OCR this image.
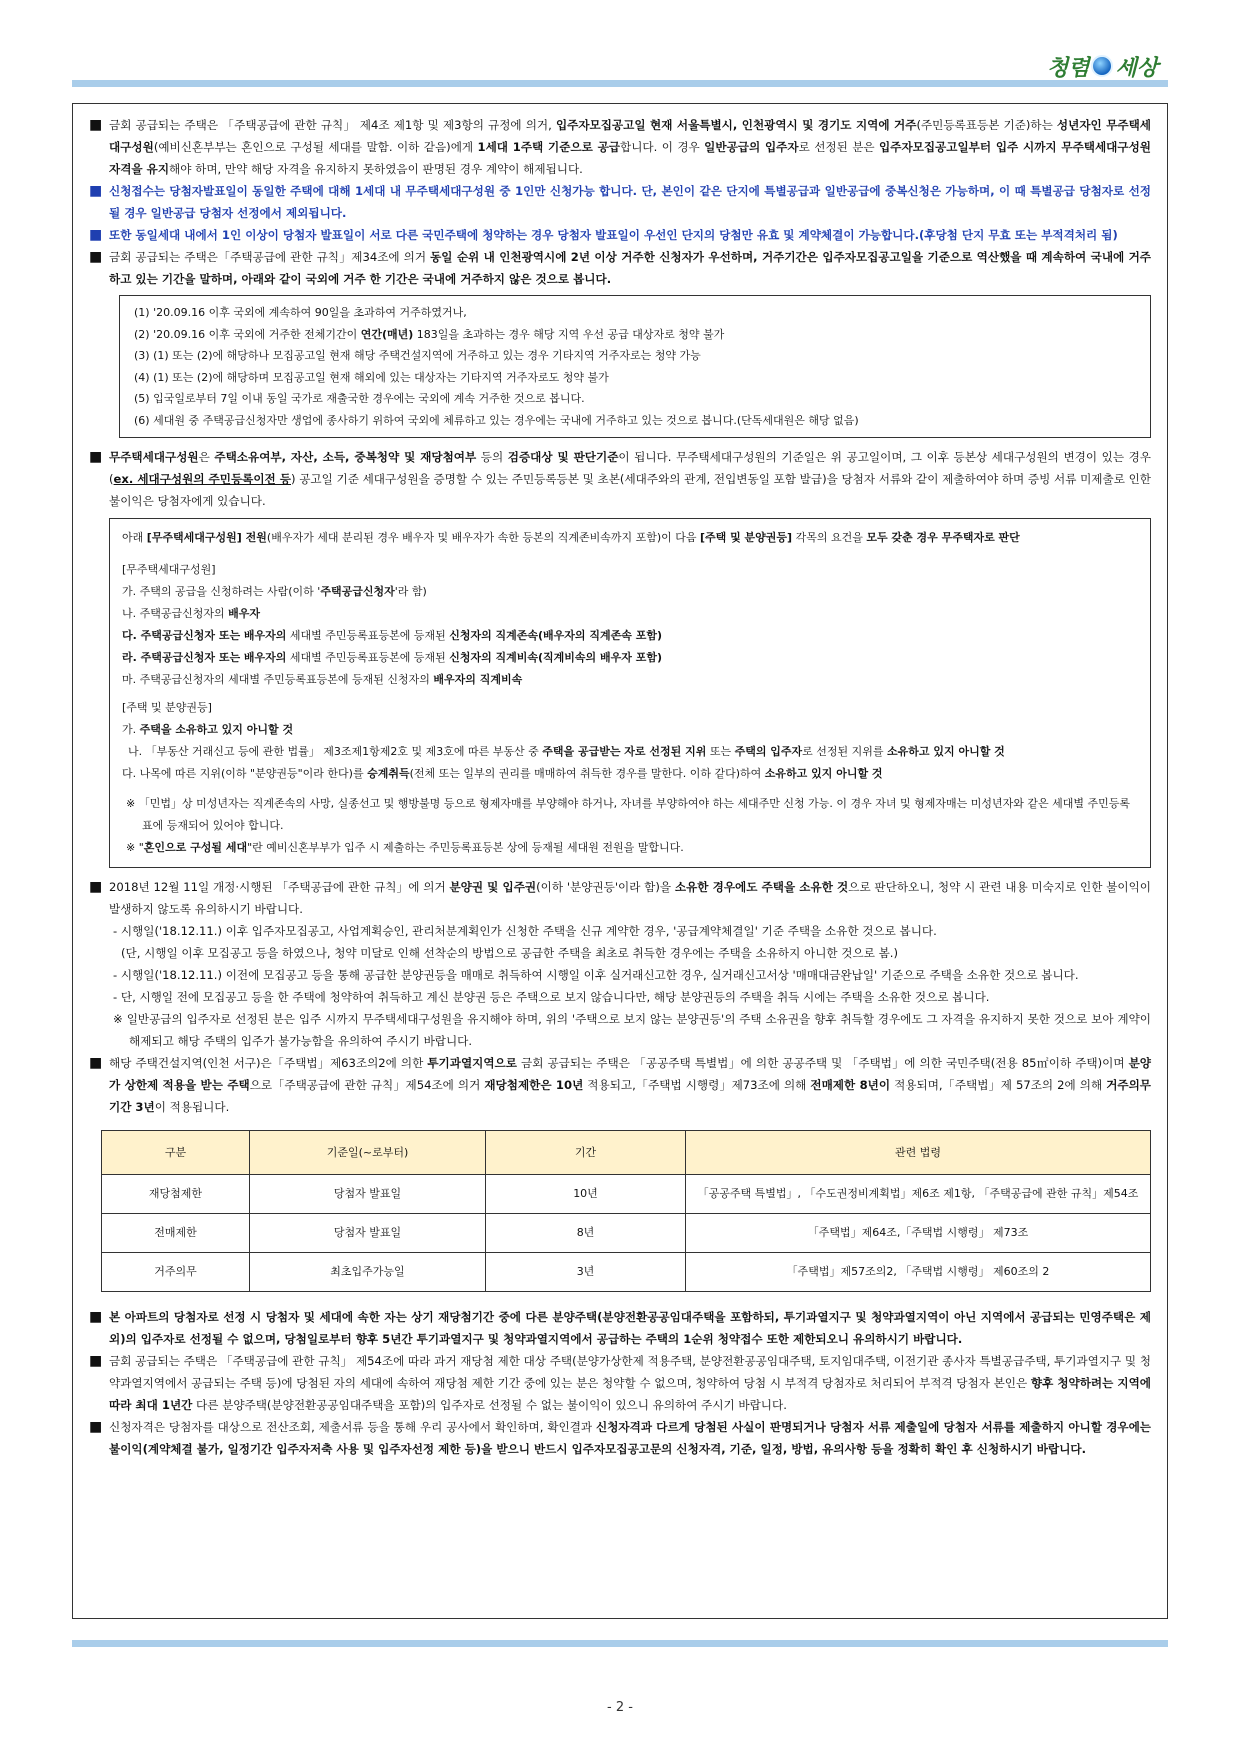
청렴 세상
■ 금회 공급되는 주택은 「주택공급에 관한 규칙」 제4조 제1항 및 제3항의 규정에 의거, 입주자모집공고일 현재 서울특별시, 인천광역시 및 경기도 지역에 거주(주민등록표등본 기준)하는 성년자인 무주택세대구성원(예비신혼부부는 혼인으로 구성될 세대를 말함. 이하 같음)에게 1세대 1주택 기준으로 공급합니다. 이 경우 일반공급의 입주자로 선정된 분은 입주자모집공고일부터 입주 시까지 무주택세대구성원 자격을 유지해야 하며, 만약 해당 자격을 유지하지 못하였음이 판명된 경우 계약이 해제됩니다.
■ 신청접수는 당첨자발표일이 동일한 주택에 대해 1세대 내 무주택세대구성원 중 1인만 신청가능 합니다. 단, 본인이 같은 단지에 특별공급과 일반공급에 중복신청은 가능하며, 이 때 특별공급 당첨자로 선정 될 경우 일반공급 당첨자 선정에서 제외됩니다.
■ 또한 동일세대 내에서 1인 이상이 당첨자 발표일이 서로 다른 국민주택에 청약하는 경우 당첨자 발표일이 우선인 단지의 당첨만 유효 및 계약체결이 가능합니다.(후당첨 단지 무효 또는 부적격처리 됨)
■ 금회 공급되는 주택은「주택공급에 관한 규칙」제34조에 의거 동일 순위 내 인천광역시에 2년 이상 거주한 신청자가 우선하며, 거주기간은 입주자모집공고일을 기준으로 역산했을 때 계속하여 국내에 거주하고 있는 기간을 말하며, 아래와 같이 국외에 거주 한 기간은 국내에 거주하지 않은 것으로 봅니다.
(1) '20.09.16 이후 국외에 계속하여 90일을 초과하여 거주하였거나,
(2) '20.09.16 이후 국외에 거주한 전체기간이 연간(매년) 183일을 초과하는 경우 해당 지역 우선 공급 대상자로 청약 불가
(3) (1) 또는 (2)에 해당하나 모집공고일 현재 해당 주택건설지역에 거주하고 있는 경우 기타지역 거주자로는 청약 가능
(4) (1) 또는 (2)에 해당하며 모집공고일 현재 해외에 있는 대상자는 기타지역 거주자로도 청약 불가
(5) 입국일로부터 7일 이내 동일 국가로 재출국한 경우에는 국외에 계속 거주한 것으로 봅니다.
(6) 세대원 중 주택공급신청자만 생업에 종사하기 위하여 국외에 체류하고 있는 경우에는 국내에 거주하고 있는 것으로 봅니다.(단독세대원은 해당 없음)
■ 무주택세대구성원은 주택소유여부, 자산, 소득, 중복청약 및 재당첨여부 등의 검증대상 및 판단기준이 됩니다. 무주택세대구성원의 기준일은 위 공고일이며, 그 이후 등본상 세대구성원의 변경이 있는 경우(ex. 세대구성원의 주민등록이전 등) 공고일 기준 세대구성원을 증명할 수 있는 주민등록등본 및 초본(세대주와의 관계, 전입변동일 포함 발급)을 당첨자 서류와 같이 제출하여야 하며 증빙 서류 미제출로 인한 불이익은 당첨자에게 있습니다.
아래 [무주택세대구성원] 전원(배우자가 세대 분리된 경우 배우자 및 배우자가 속한 등본의 직계존비속까지 포함)이 다음 [주택 및 분양권등] 각목의 요건을 모두 갖춘 경우 무주택자로 판단
[무주택세대구성원]
가. 주택의 공급을 신청하려는 사람(이하 '주택공급신청자'라 함)
나. 주택공급신청자의 배우자
다. 주택공급신청자 또는 배우자의 세대별 주민등록표등본에 등재된 신청자의 직계존속(배우자의 직계존속 포함)
라. 주택공급신청자 또는 배우자의 세대별 주민등록표등본에 등재된 신청자의 직계비속(직계비속의 배우자 포함)
마. 주택공급신청자의 세대별 주민등록표등본에 등재된 신청자의 배우자의 직계비속
[주택 및 분양권등]
가. 주택을 소유하고 있지 아니할 것
나. 「부동산 거래신고 등에 관한 법률」 제3조제1항제2호 및 제3호에 따른 부동산 중 주택을 공급받는 자로 선정된 지위 또는 주택의 입주자로 선정된 지위를 소유하고 있지 아니할 것
다. 나목에 따른 지위(이하 "분양권등"이라 한다)를 승계취득(전체 또는 일부의 권리를 매매하여 취득한 경우를 말한다. 이하 같다)하여 소유하고 있지 아니할 것
※ 「민법」상 미성년자는 직계존속의 사망, 실종선고 및 행방불명 등으로 형제자매를 부양해야 하거나, 자녀를 부양하여야 하는 세대주만 신청 가능. 이 경우 자녀 및 형제자매는 미성년자와 같은 세대별 주민등록표에 등재되어 있어야 합니다.
※ "혼인으로 구성될 세대"란 예비신혼부부가 입주 시 제출하는 주민등록표등본 상에 등재될 세대원 전원을 말합니다.
■ 2018년 12월 11일 개정·시행된 「주택공급에 관한 규칙」에 의거 분양권 및 입주권(이하 '분양권등'이라 함)을 소유한 경우에도 주택을 소유한 것으로 판단하오니, 청약 시 관련 내용 미숙지로 인한 불이익이 발생하지 않도록 유의하시기 바랍니다.
- 시행일('18.12.11.) 이후 입주자모집공고, 사업계획승인, 관리처분계획인가 신청한 주택을 신규 계약한 경우, '공급계약체결일' 기준 주택을 소유한 것으로 봅니다.
(단, 시행일 이후 모집공고 등을 하였으나, 청약 미달로 인해 선착순의 방법으로 공급한 주택을 최초로 취득한 경우에는 주택을 소유하지 아니한 것으로 봄.)
- 시행일('18.12.11.) 이전에 모집공고 등을 통해 공급한 분양권등을 매매로 취득하여 시행일 이후 실거래신고한 경우, 실거래신고서상 '매매대금완납일' 기준으로 주택을 소유한 것으로 봅니다.
- 단, 시행일 전에 모집공고 등을 한 주택에 청약하여 취득하고 계신 분양권 등은 주택으로 보지 않습니다만, 해당 분양권등의 주택을 취득 시에는 주택을 소유한 것으로 봅니다.
※ 일반공급의 입주자로 선정된 분은 입주 시까지 무주택세대구성원을 유지해야 하며, 위의 '주택으로 보지 않는 분양권등'의 주택 소유권을 향후 취득할 경우에도 그 자격을 유지하지 못한 것으로 보아 계약이 해제되고 해당 주택의 입주가 불가능함을 유의하여 주시기 바랍니다.
■ 해당 주택건설지역(인천 서구)은「주택법」제63조의2에 의한 투기과열지역으로 금회 공급되는 주택은 「공공주택 특별법」에 의한 공공주택 및 「주택법」에 의한 국민주택(전용 85㎡이하 주택)이며 분양가 상한제 적용을 받는 주택으로「주택공급에 관한 규칙」제54조에 의거 재당첨제한은 10년 적용되고,「주택법 시행령」제73조에 의해 전매제한 8년이 적용되며,「주택법」제 57조의 2에 의해 거주의무기간 3년이 적용됩니다.
구분	기준일(~로부터)	기간	관련 법령
재당첨제한	당첨자 발표일	10년	「공공주택 특별법」, 「수도권정비계획법」제6조 제1항, 「주택공급에 관한 규칙」제54조
전매제한	당첨자 발표일	8년	「주택법」제64조,「주택법 시행령」 제73조
거주의무	최초입주가능일	3년	「주택법」제57조의2, 「주택법 시행령」 제60조의 2
■ 본 아파트의 당첨자로 선정 시 당첨자 및 세대에 속한 자는 상기 재당첨기간 중에 다른 분양주택(분양전환공공임대주택을 포함하되, 투기과열지구 및 청약과열지역이 아닌 지역에서 공급되는 민영주택은 제외)의 입주자로 선정될 수 없으며, 당첨일로부터 향후 5년간 투기과열지구 및 청약과열지역에서 공급하는 주택의 1순위 청약접수 또한 제한되오니 유의하시기 바랍니다.
■ 금회 공급되는 주택은 「주택공급에 관한 규칙」 제54조에 따라 과거 재당첨 제한 대상 주택(분양가상한제 적용주택, 분양전환공공임대주택, 토지임대주택, 이전기관 종사자 특별공급주택, 투기과열지구 및 청약과열지역에서 공급되는 주택 등)에 당첨된 자의 세대에 속하여 재당첨 제한 기간 중에 있는 분은 청약할 수 없으며, 청약하여 당첨 시 부적격 당첨자로 처리되어 부적격 당첨자 본인은 향후 청약하려는 지역에 따라 최대 1년간 다른 분양주택(분양전환공공임대주택을 포함)의 입주자로 선정될 수 없는 불이익이 있으니 유의하여 주시기 바랍니다.
■ 신청자격은 당첨자를 대상으로 전산조회, 제출서류 등을 통해 우리 공사에서 확인하며, 확인결과 신청자격과 다르게 당첨된 사실이 판명되거나 당첨자 서류 제출일에 당첨자 서류를 제출하지 아니할 경우에는 불이익(계약체결 불가, 일정기간 입주자저축 사용 및 입주자선정 제한 등)을 받으니 반드시 입주자모집공고문의 신청자격, 기준, 일정, 방법, 유의사항 등을 정확히 확인 후 신청하시기 바랍니다.
- 2 -
